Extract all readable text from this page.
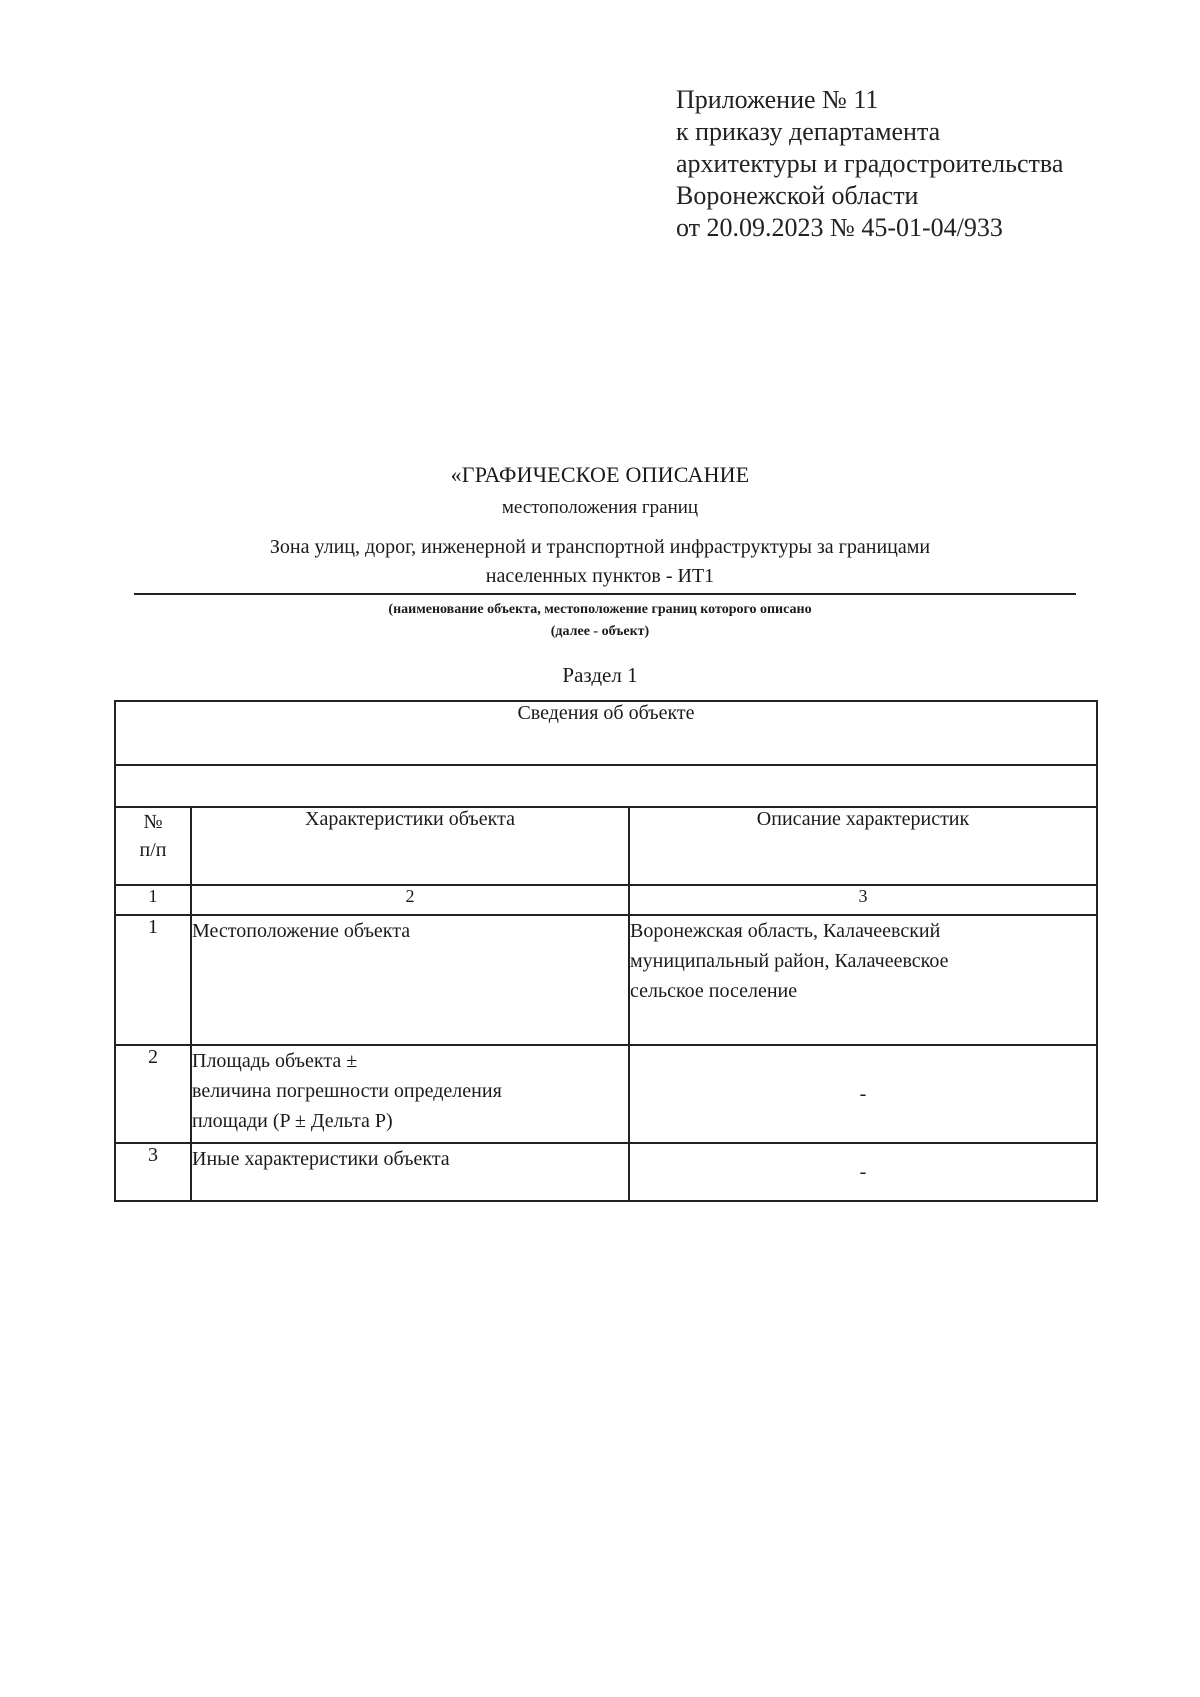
Приложение № 11
к приказу департамента
архитектуры и градостроительства
Воронежской области
от 20.09.2023 № 45-01-04/933
«ГРАФИЧЕСКОЕ ОПИСАНИЕ
местоположения границ
Зона улиц, дорог, инженерной и транспортной инфраструктуры за границами
населенных пунктов - ИТ1
(наименование объекта, местоположение границ которого описано
(далее - объект)
Раздел 1
Сведения об объекте		

№
п/п	Характеристики объекта	Описание характеристик
1	2	3
1	Местоположение объекта	Воронежская область, Калачеевский
муниципальный район, Калачеевское
сельское поселение

2	Площадь объекта ±
величина погрешности определения
площади (P ± Дельта P)	-
3	Иные характеристики объекта	-
